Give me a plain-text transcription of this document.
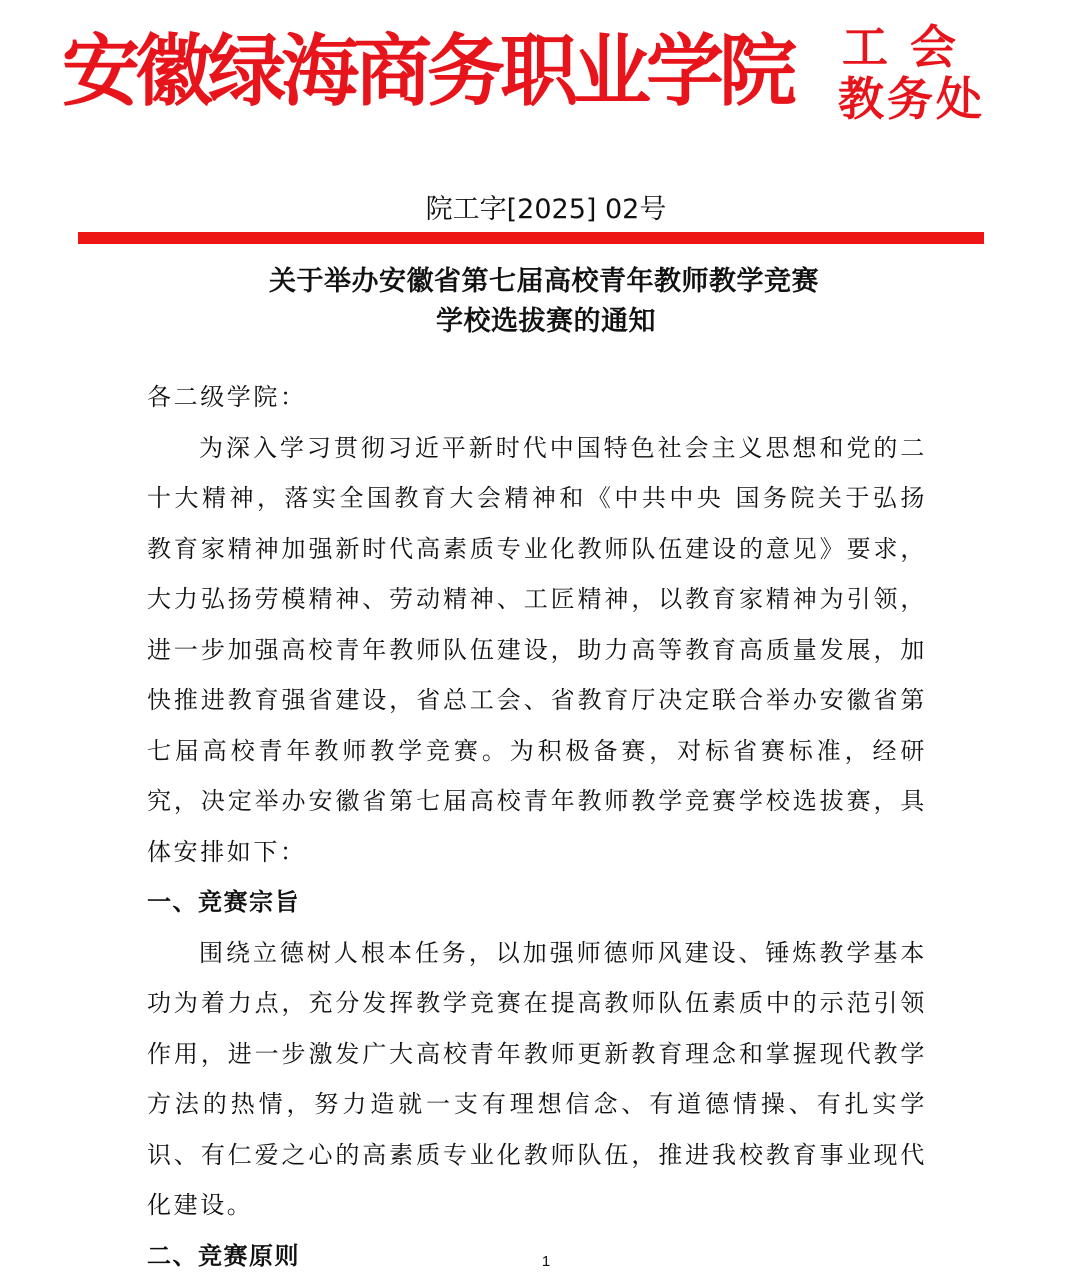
安徽绿海商务职业学院 工 会
教务处
院工字[2025] 02号
关于举办安徽省第七届高校青年教师教学竞赛
学校选拔赛的通知

各二级学院：

为深入学习贯彻习近平新时代中国特色社会主义思想和党的二十大精神，落实全国教育大会精神和《中共中央 国务院关于弘扬教育家精神加强新时代高素质专业化教师队伍建设的意见》要求，大力弘扬劳模精神、劳动精神、工匠精神，以教育家精神为引领，进一步加强高校青年教师队伍建设，助力高等教育高质量发展，加快推进教育强省建设，省总工会、省教育厅决定联合举办安徽省第七届高校青年教师教学竞赛。为积极备赛，对标省赛标准，经研究，决定举办安徽省第七届高校青年教师教学竞赛学校选拔赛，具体安排如下：

一、竞赛宗旨

围绕立德树人根本任务，以加强师德师风建设、锤炼教学基本功为着力点，充分发挥教学竞赛在提高教师队伍素质中的示范引领作用，进一步激发广大高校青年教师更新教育理念和掌握现代教学方法的热情，努力造就一支有理想信念、有道德情操、有扎实学识、有仁爱之心的高素质专业化教师队伍，推进我校教育事业现代化建设。

二、竞赛原则	1
